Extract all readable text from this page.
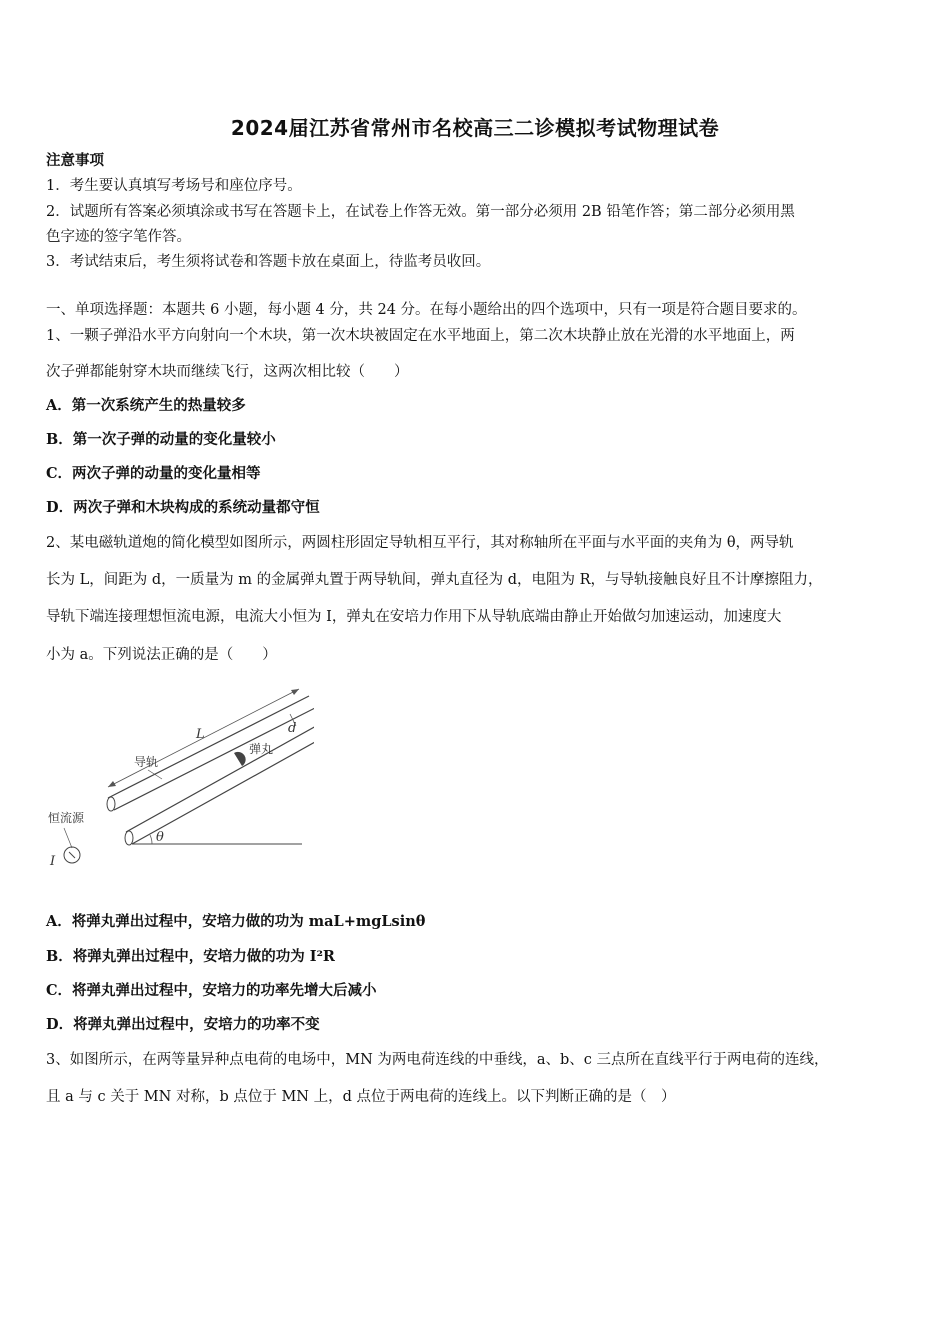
2024届江苏省常州市名校高三二诊模拟考试物理试卷
注意事项
1．考生要认真填写考场号和座位序号。
2．试题所有答案必须填涂或书写在答题卡上，在试卷上作答无效。第一部分必须用 2B 铅笔作答；第二部分必须用黑
色字迹的签字笔作答。
3．考试结束后，考生须将试卷和答题卡放在桌面上，待监考员收回。
一、单项选择题：本题共 6 小题，每小题 4 分，共 24 分。在每小题给出的四个选项中，只有一项是符合题目要求的。
1、一颗子弹沿水平方向射向一个木块，第一次木块被固定在水平地面上，第二次木块静止放在光滑的水平地面上，两
次子弹都能射穿木块而继续飞行，这两次相比较（　　）
A．第一次系统产生的热量较多
B．第一次子弹的动量的变化量较小
C．两次子弹的动量的变化量相等
D．两次子弹和木块构成的系统动量都守恒
2、某电磁轨道炮的简化模型如图所示，两圆柱形固定导轨相互平行，其对称轴所在平面与水平面的夹角为 θ，两导轨
长为 L，间距为 d，一质量为 m 的金属弹丸置于两导轨间，弹丸直径为 d，电阻为 R，与导轨接触良好且不计摩擦阻力，
导轨下端连接理想恒流电源，电流大小恒为 I，弹丸在安培力作用下从导轨底端由静止开始做匀加速运动，加速度大
小为 a。下列说法正确的是（　　）
L	d
弹丸
导轨
恒流源
I
θ
A．将弹丸弹出过程中，安培力做的功为 maL+mgLsinθ
B．将弹丸弹出过程中，安培力做的功为 I²R
C．将弹丸弹出过程中，安培力的功率先增大后减小
D．将弹丸弹出过程中，安培力的功率不变
3、如图所示，在两等量异种点电荷的电场中，MN 为两电荷连线的中垂线，a、b、c 三点所在直线平行于两电荷的连线，
且 a 与 c 关于 MN 对称，b 点位于 MN 上，d 点位于两电荷的连线上。以下判断正确的是（　）
